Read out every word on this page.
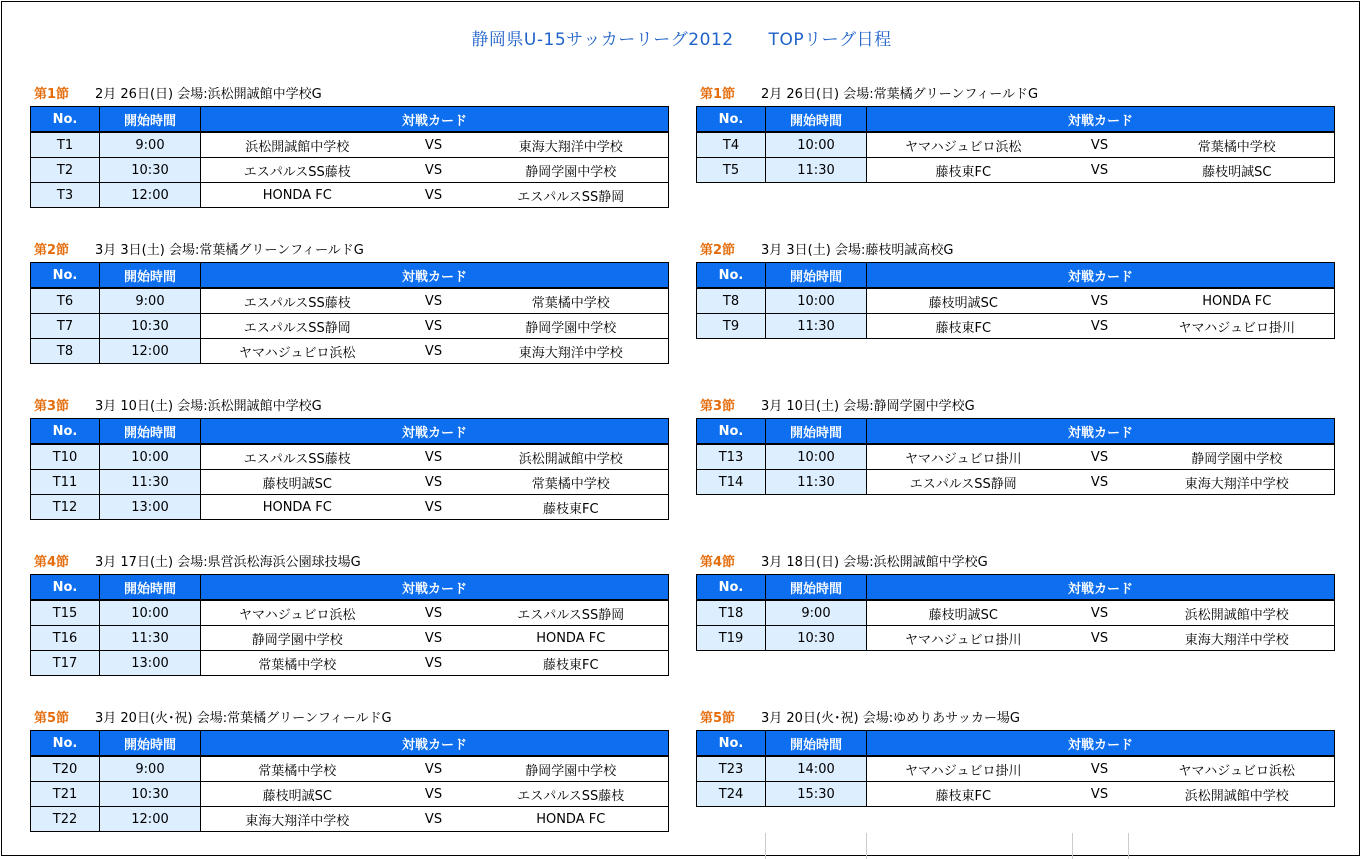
静岡県U-15サッカーリーグ2012　　TOPリーグ日程
第1節 2月 26日(日) 会場:浜松開誠館中学校G
No.	開始時間	対戦カード		
T1	9:00	浜松開誠館中学校	VS	東海大翔洋中学校
T2	10:30	エスパルスSS藤枝	VS	静岡学園中学校
T3	12:00	HONDA FC	VS	エスパルスSS静岡
第1節 2月 26日(日) 会場:常葉橘グリーンフィールドG
No.	開始時間	対戦カード		
T4	10:00	ヤマハジュビロ浜松	VS	常葉橘中学校
T5	11:30	藤枝東FC	VS	藤枝明誠SC
第2節 3月 3日(土) 会場:常葉橘グリーンフィールドG
No.	開始時間	対戦カード		
T6	9:00	エスパルスSS藤枝	VS	常葉橘中学校
T7	10:30	エスパルスSS静岡	VS	静岡学園中学校
T8	12:00	ヤマハジュビロ浜松	VS	東海大翔洋中学校
第2節 3月 3日(土) 会場:藤枝明誠高校G
No.	開始時間	対戦カード		
T8	10:00	藤枝明誠SC	VS	HONDA FC
T9	11:30	藤枝東FC	VS	ヤマハジュビロ掛川
第3節 3月 10日(土) 会場:浜松開誠館中学校G
No.	開始時間	対戦カード		
T10	10:00	エスパルスSS藤枝	VS	浜松開誠館中学校
T11	11:30	藤枝明誠SC	VS	常葉橘中学校
T12	13:00	HONDA FC	VS	藤枝東FC
第3節 3月 10日(土) 会場:静岡学園中学校G
No.	開始時間	対戦カード		
T13	10:00	ヤマハジュビロ掛川	VS	静岡学園中学校
T14	11:30	エスパルスSS静岡	VS	東海大翔洋中学校
第4節 3月 17日(土) 会場:県営浜松海浜公園球技場G
No.	開始時間	対戦カード		
T15	10:00	ヤマハジュビロ浜松	VS	エスパルスSS静岡
T16	11:30	静岡学園中学校	VS	HONDA FC
T17	13:00	常葉橘中学校	VS	藤枝東FC
第4節 3月 18日(日) 会場:浜松開誠館中学校G
No.	開始時間	対戦カード		
T18	9:00	藤枝明誠SC	VS	浜松開誠館中学校
T19	10:30	ヤマハジュビロ掛川	VS	東海大翔洋中学校
第5節 3月 20日(火･祝) 会場:常葉橘グリーンフィールドG
No.	開始時間	対戦カード		
T20	9:00	常葉橘中学校	VS	静岡学園中学校
T21	10:30	藤枝明誠SC	VS	エスパルスSS藤枝
T22	12:00	東海大翔洋中学校	VS	HONDA FC
第5節 3月 20日(火･祝) 会場:ゆめりあサッカー場G
No.	開始時間	対戦カード		
T23	14:00	ヤマハジュビロ掛川	VS	ヤマハジュビロ浜松
T24	15:30	藤枝東FC	VS	浜松開誠館中学校
